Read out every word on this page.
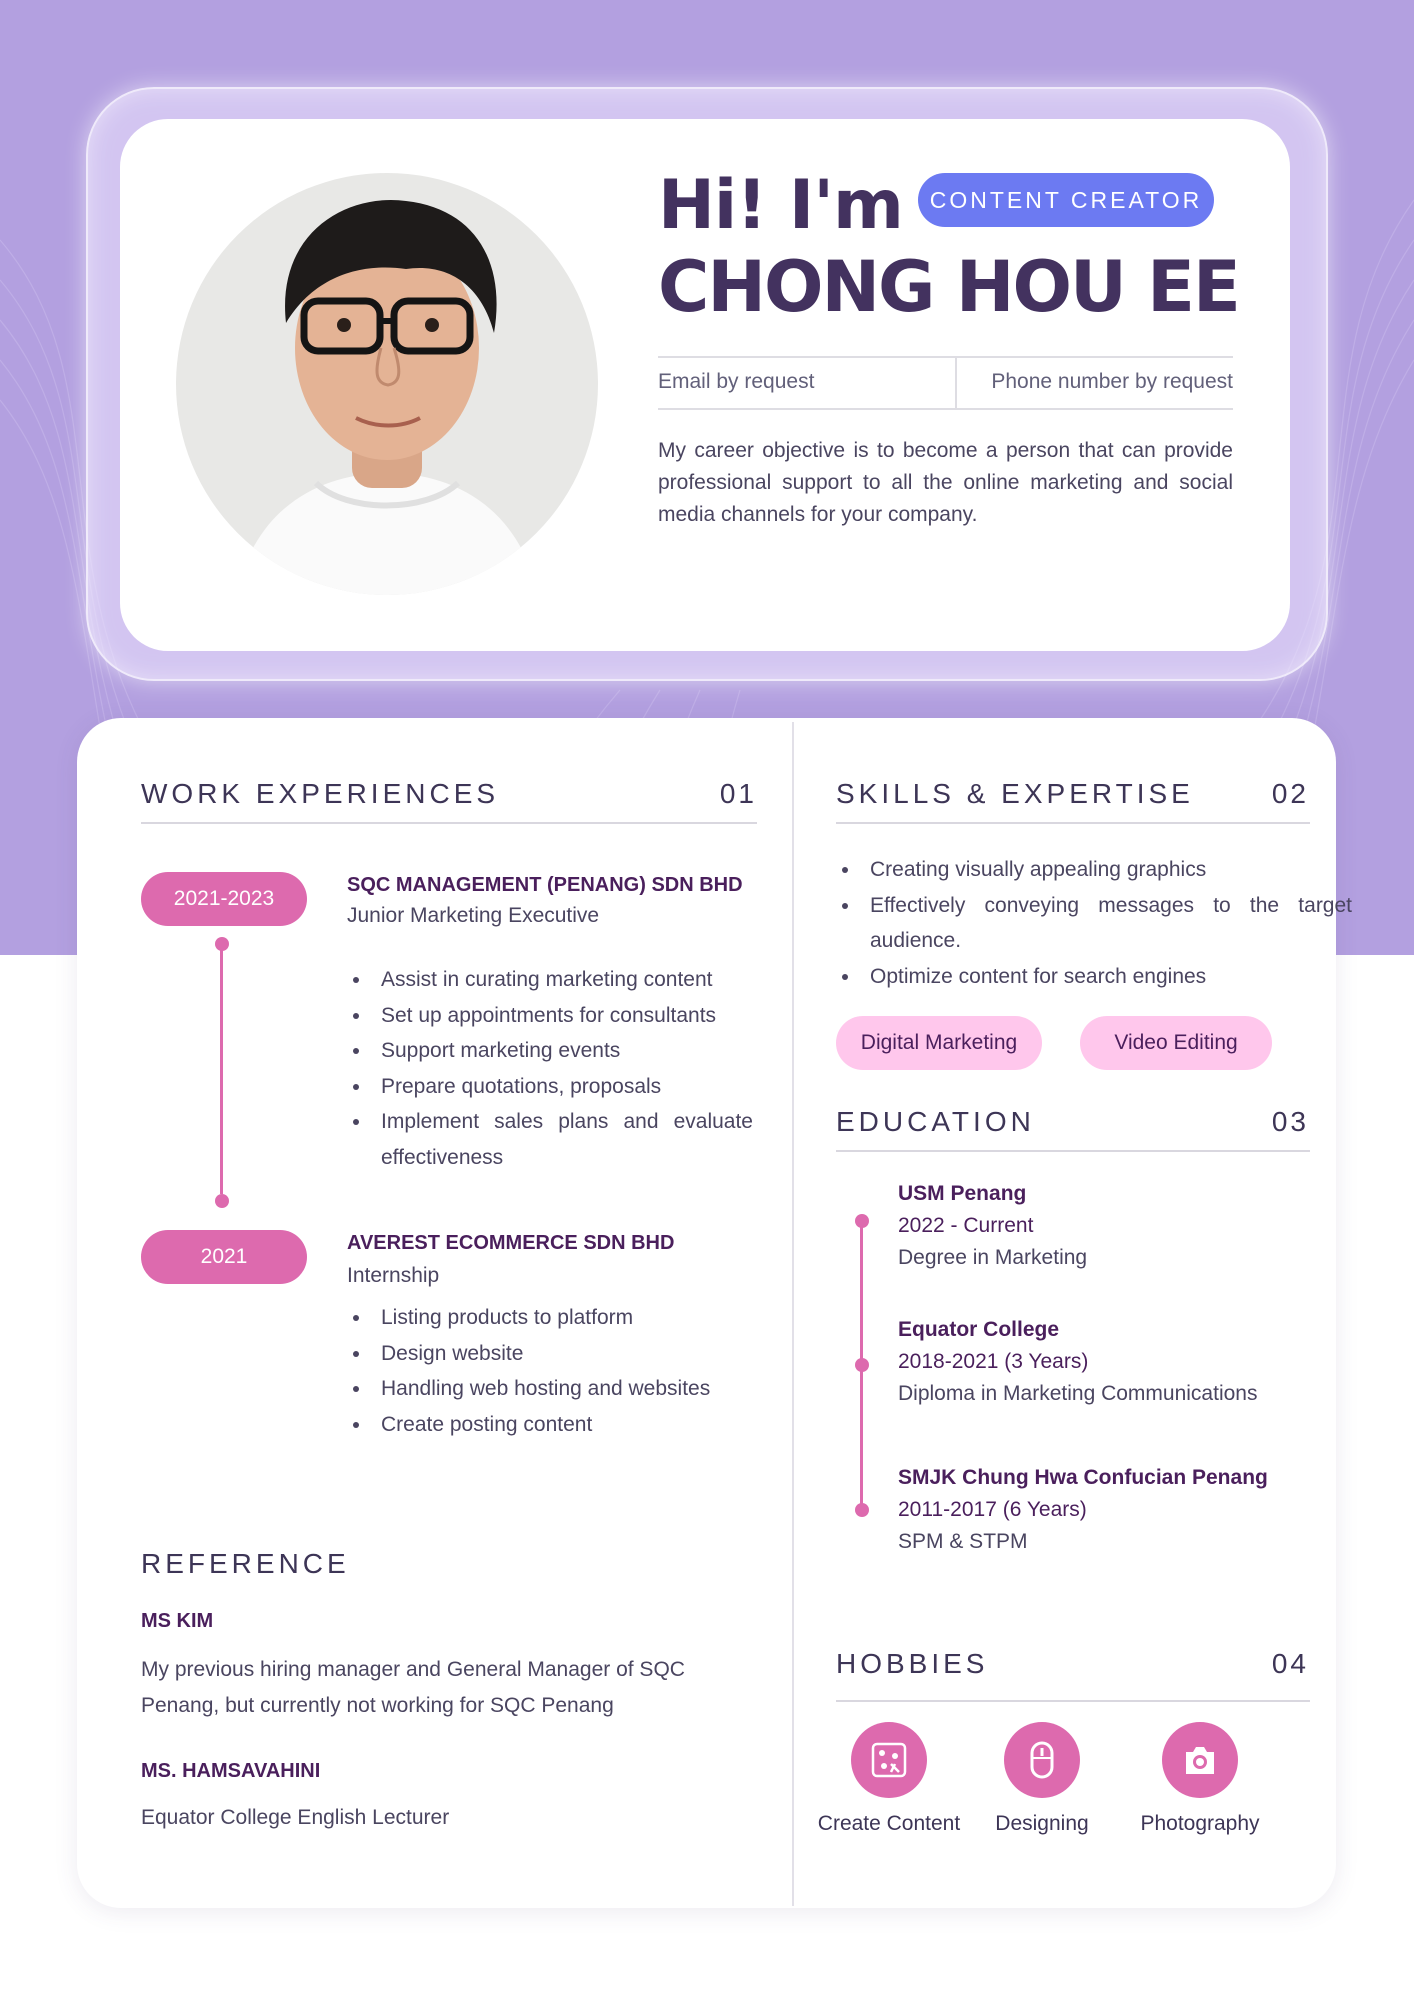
Hi! I'm	CONTENT CREATOR
CHONG HOU EE
Email by request	Phone number by request

My career objective is to become a person that can provide professional support to all the online marketing and social media channels for your company.

WORK EXPERIENCES	01
2021-2023
SQC MANAGEMENT (PENANG) SDN BHD
Junior Marketing Executive
Assist in curating marketing content
Set up appointments for consultants
Support marketing events
Prepare quotations, proposals
Implement sales plans and evaluate effectiveness
2021
AVEREST ECOMMERCE SDN BHD
Internship
Listing products to platform
Design website
Handling web hosting and websites
Create posting content
REFERENCE
MS KIM
My previous hiring manager and General Manager of SQC Penang, but currently not working for SQC Penang
MS. HAMSAVAHINI
Equator College English Lecturer
SKILLS & EXPERTISE	02
Creating visually appealing graphics
Effectively conveying messages to the target audience.
Optimize content for search engines
Digital Marketing	Video Editing
EDUCATION	03
USM Penang
2022 - Current
Degree in Marketing
Equator College
2018-2021 (3 Years)
Diploma in Marketing Communications
SMJK Chung Hwa Confucian Penang
2011-2017 (6 Years)
SPM & STPM
HOBBIES	04
Create Content	Designing	Photography
